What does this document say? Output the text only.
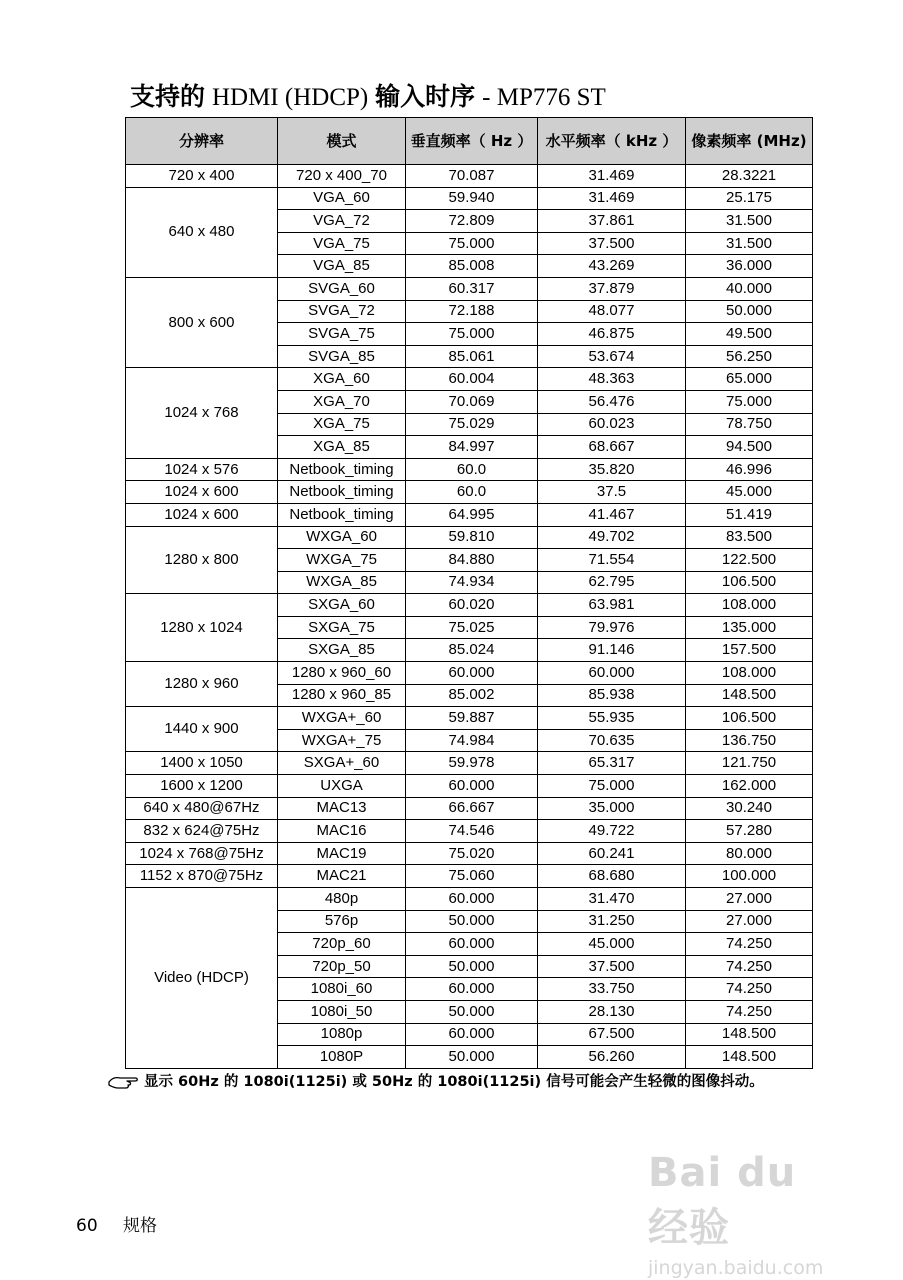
支持的 HDMI (HDCP) 输入时序 - MP776 ST
分辨率	模式	垂直频率（ Hz ）	水平频率（ kHz ）	像素频率 (MHz)
720 x 400	720 x 400_70	70.087	31.469	28.3221
640 x 480	VGA_60	59.940	31.469	25.175
	VGA_72	72.809	37.861	31.500
	VGA_75	75.000	37.500	31.500
	VGA_85	85.008	43.269	36.000
800 x 600	SVGA_60	60.317	37.879	40.000
	SVGA_72	72.188	48.077	50.000
	SVGA_75	75.000	46.875	49.500
	SVGA_85	85.061	53.674	56.250
1024 x 768	XGA_60	60.004	48.363	65.000
	XGA_70	70.069	56.476	75.000
	XGA_75	75.029	60.023	78.750
	XGA_85	84.997	68.667	94.500
1024 x 576	Netbook_timing	60.0	35.820	46.996
1024 x 600	Netbook_timing	60.0	37.5	45.000
1024 x 600	Netbook_timing	64.995	41.467	51.419
1280 x 800	WXGA_60	59.810	49.702	83.500
	WXGA_75	84.880	71.554	122.500
	WXGA_85	74.934	62.795	106.500
1280 x 1024	SXGA_60	60.020	63.981	108.000
	SXGA_75	75.025	79.976	135.000
	SXGA_85	85.024	91.146	157.500
1280 x 960	1280 x 960_60	60.000	60.000	108.000
	1280 x 960_85	85.002	85.938	148.500
1440 x 900	WXGA+_60	59.887	55.935	106.500
	WXGA+_75	74.984	70.635	136.750
1400 x 1050	SXGA+_60	59.978	65.317	121.750
1600 x 1200	UXGA	60.000	75.000	162.000
640 x 480@67Hz	MAC13	66.667	35.000	30.240
832 x 624@75Hz	MAC16	74.546	49.722	57.280
1024 x 768@75Hz	MAC19	75.020	60.241	80.000
1152 x 870@75Hz	MAC21	75.060	68.680	100.000
Video (HDCP)	480p	60.000	31.470	27.000
	576p	50.000	31.250	27.000
	720p_60	60.000	45.000	74.250
	720p_50	50.000	37.500	74.250
	1080i_60	60.000	33.750	74.250
	1080i_50	50.000	28.130	74.250
	1080p	60.000	67.500	148.500
	1080P	50.000	56.260	148.500
显示 60Hz 的 1080i(1125i) 或 50Hz 的 1080i(1125i) 信号可能会产生轻微的图像抖动。
60 规格
Bai du 经验
jingyan.baidu.com
